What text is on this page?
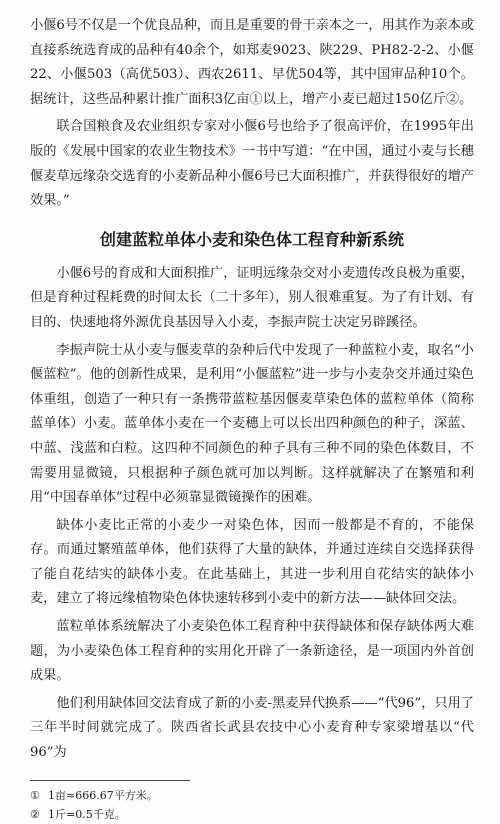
小偃6号不仅是一个优良品种，而且是重要的骨干亲本之一，用其作为亲本或直接系统选育成的品种有40余个，如郑麦9023、陕229、PH82-2-2、小偃22、小偃503（高优503）、西农2611、早优504等，其中国审品种10个。据统计，这些品种累计推广面积3亿亩①以上，增产小麦已超过150亿斤②。

联合国粮食及农业组织专家对小偃6号也给予了很高评价，在1995年出版的《发展中国家的农业生物技术》一书中写道：“在中国，通过小麦与长穗偃麦草远缘杂交选育的小麦新品种小偃6号已大面积推广，并获得很好的增产效果。”

创建蓝粒单体小麦和染色体工程育种新系统

小偃6号的育成和大面积推广，证明远缘杂交对小麦遗传改良极为重要，但是育种过程耗费的时间太长（二十多年），别人很难重复。为了有计划、有目的、快速地将外源优良基因导入小麦，李振声院士决定另辟蹊径。

李振声院士从小麦与偃麦草的杂种后代中发现了一种蓝粒小麦，取名“小偃蓝粒”。他的创新性成果，是利用“小偃蓝粒”进一步与小麦杂交并通过染色体重组，创造了一种只有一条携带蓝粒基因偃麦草染色体的蓝粒单体（简称蓝单体）小麦。蓝单体小麦在一个麦穗上可以长出四种颜色的种子，深蓝、中蓝、浅蓝和白粒。这四种不同颜色的种子具有三种不同的染色体数目，不需要用显微镜，只根据种子颜色就可加以判断。这样就解决了在繁殖和利用“中国春单体”过程中必须靠显微镜操作的困难。

缺体小麦比正常的小麦少一对染色体，因而一般都是不育的，不能保存。而通过繁殖蓝单体，他们获得了大量的缺体，并通过连续自交选择获得了能自花结实的缺体小麦。在此基础上，其进一步利用自花结实的缺体小麦，建立了将远缘植物染色体快速转移到小麦中的新方法——缺体回交法。

蓝粒单体系统解决了小麦染色体工程育种中获得缺体和保存缺体两大难题，为小麦染色体工程育种的实用化开辟了一条新途径，是一项国内外首创成果。

他们利用缺体回交法育成了新的小麦-黑麦异代换系——“代96”，只用了三年半时间就完成了。陕西省长武县农技中心小麦育种专家梁增基以“代96”为

① 1亩≈666.67平方米。

② 1斤=0.5千克。
